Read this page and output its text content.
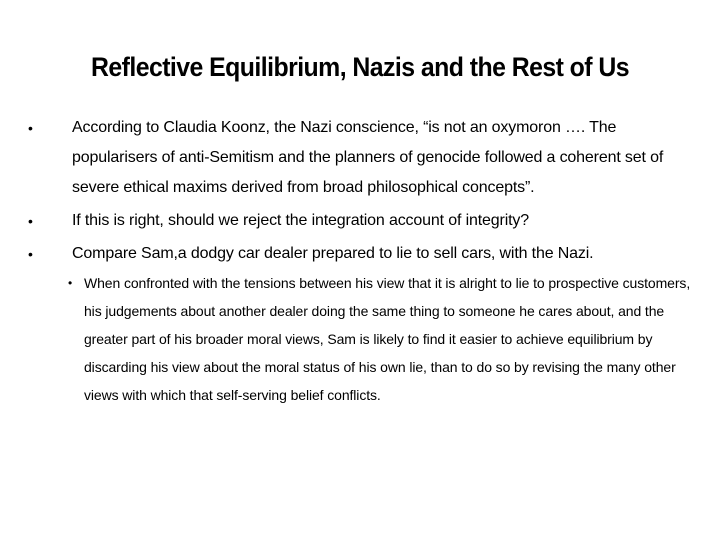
Reflective Equilibrium, Nazis and the Rest of Us
•	According to Claudia Koonz, the Nazi conscience, “is not an oxymoron …. The popularisers of anti-Semitism and the planners of genocide followed a coherent set of severe ethical maxims derived from broad philosophical concepts”.
•	If this is right, should we reject the integration account of integrity?
•	Compare Sam,a dodgy car dealer prepared to lie to sell cars, with the Nazi.
• When confronted with the tensions between his view that it is alright to lie to prospective customers, his judgements about another dealer doing the same thing to someone he cares about, and the greater part of his broader moral views, Sam is likely to find it easier to achieve equilibrium by discarding his view about the moral status of his own lie, than to do so by revising the many other views with which that self-serving belief conflicts.
